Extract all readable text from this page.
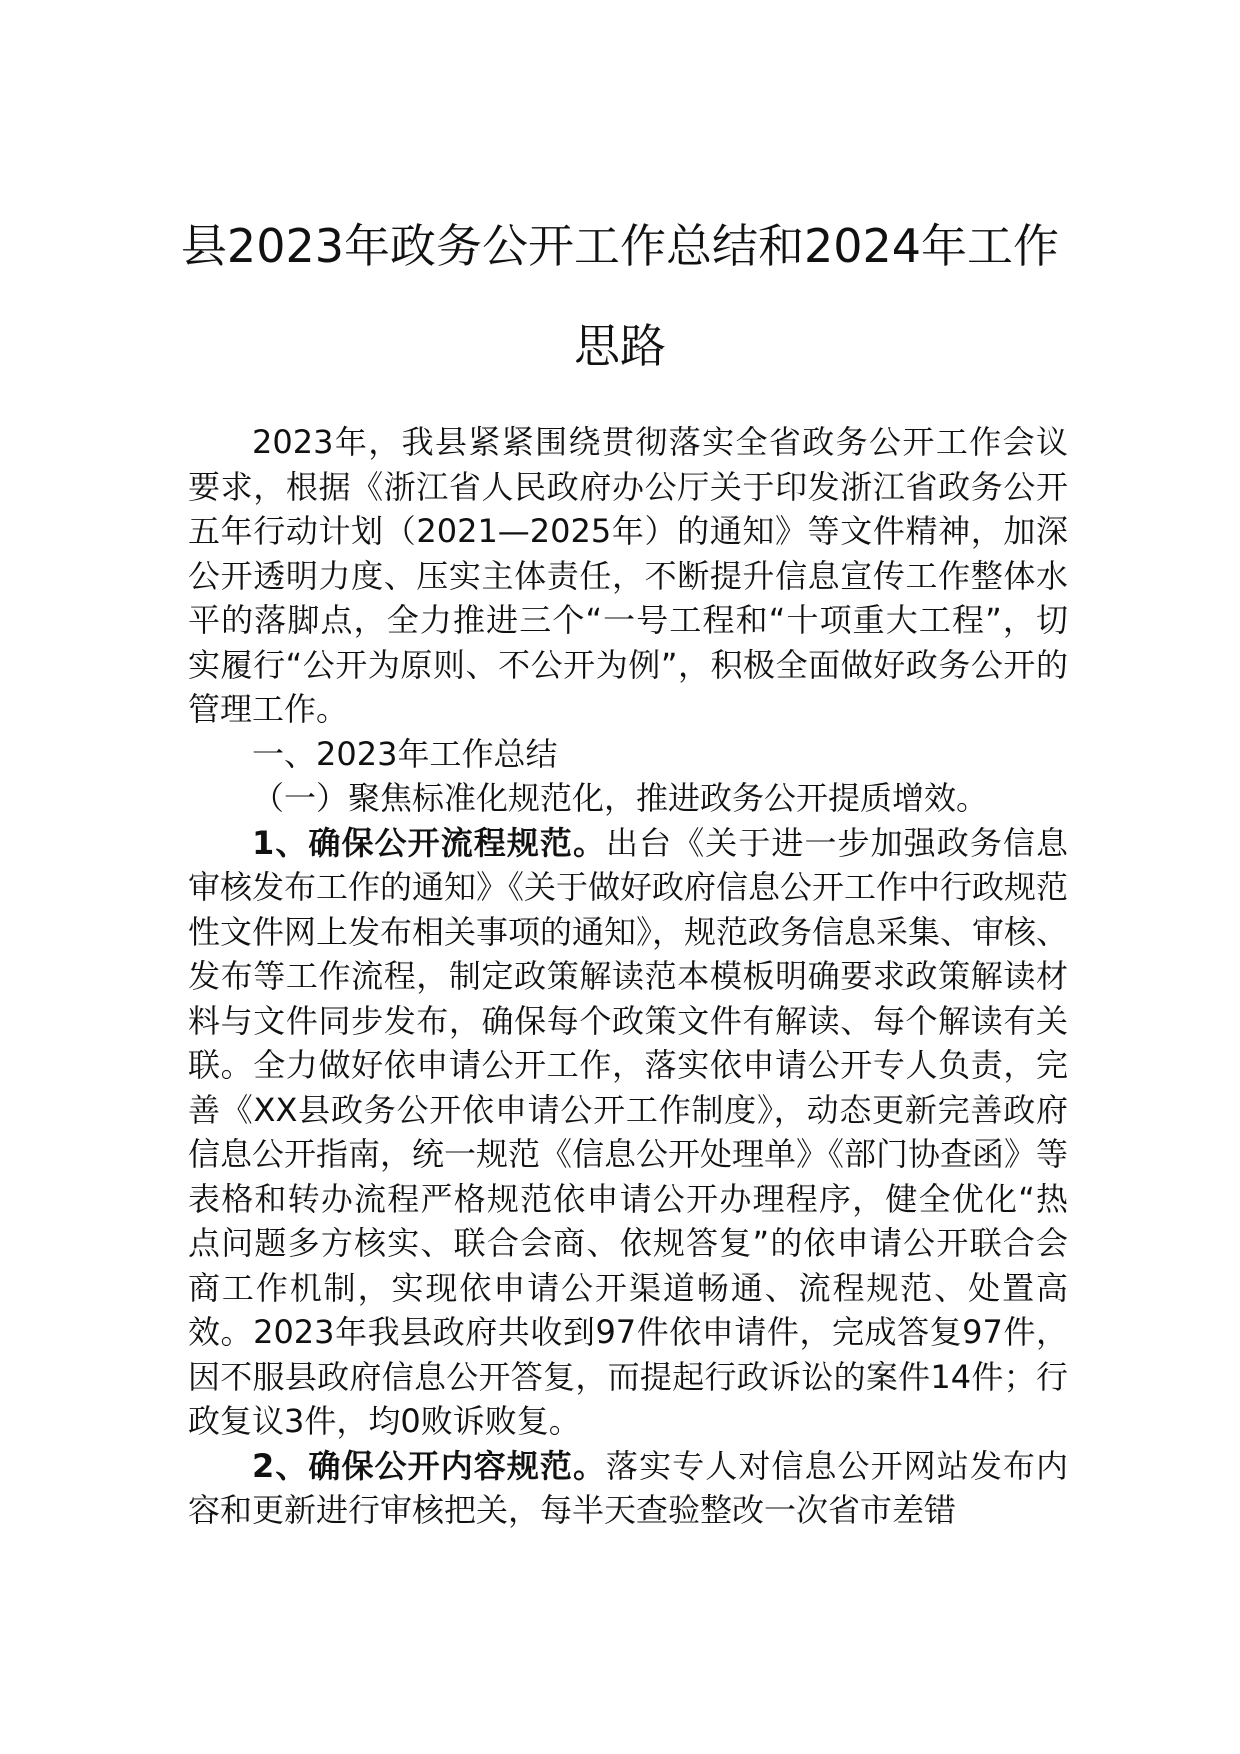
县2023年政务公开工作总结和2024年工作
思路

2023年，我县紧紧围绕贯彻落实全省政务公开工作会议要求，根据《浙江省人民政府办公厅关于印发浙江省政务公开五年行动计划（2021—2025年）的通知》等文件精神，加深公开透明力度、压实主体责任，不断提升信息宣传工作整体水平的落脚点，全力推进三个“一号工程和“十项重大工程”，切实履行“公开为原则、不公开为例”，积极全面做好政务公开的管理工作。

一、2023年工作总结

（一）聚焦标准化规范化，推进政务公开提质增效。

1、确保公开流程规范。出台《关于进一步加强政务信息审核发布工作的通知》《关于做好政府信息公开工作中行政规范性文件网上发布相关事项的通知》，规范政务信息采集、审核、发布等工作流程，制定政策解读范本模板明确要求政策解读材料与文件同步发布，确保每个政策文件有解读、每个解读有关联。全力做好依申请公开工作，落实依申请公开专人负责，完善《XX县政务公开依申请公开工作制度》，动态更新完善政府信息公开指南，统一规范《信息公开处理单》《部门协查函》等表格和转办流程严格规范依申请公开办理程序，健全优化“热点问题多方核实、联合会商、依规答复”的依申请公开联合会商工作机制，实现依申请公开渠道畅通、流程规范、处置高效。2023年我县政府共收到97件依申请件，完成答复97件，因不服县政府信息公开答复，而提起行政诉讼的案件14件；行政复议3件，均0败诉败复。

2、确保公开内容规范。落实专人对信息公开网站发布内容和更新进行审核把关，每半天查验整改一次省市差错
